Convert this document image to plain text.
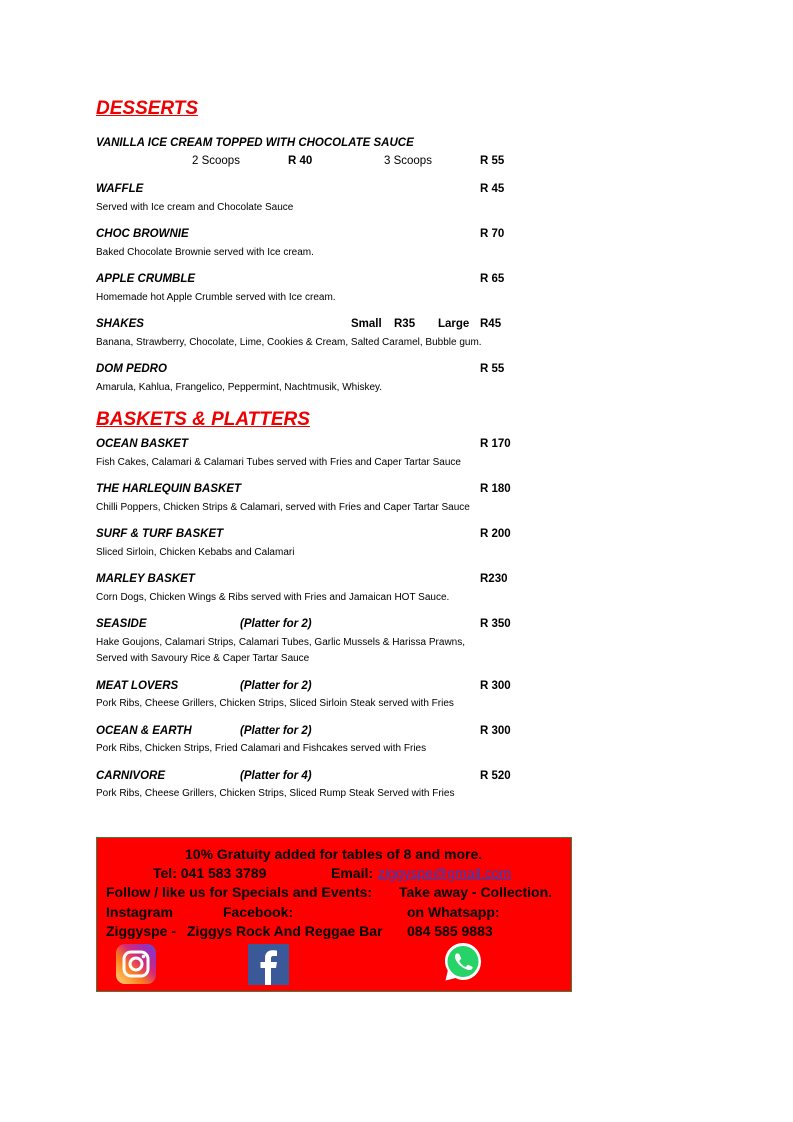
DESSERTS
VANILLA ICE CREAM TOPPED WITH CHOCOLATE SAUCE
2 Scoops	R 40	3 Scoops	R 55
WAFFLE	R 45
Served with Ice cream and Chocolate Sauce
CHOC BROWNIE	R 70
Baked Chocolate Brownie served with Ice cream.
APPLE CRUMBLE	R 65
Homemade hot Apple Crumble served with Ice cream.
SHAKES	Small R35 Large R45
Banana, Strawberry, Chocolate, Lime, Cookies & Cream, Salted Caramel, Bubble gum.
DOM PEDRO	R 55
Amarula, Kahlua, Frangelico, Peppermint, Nachtmusik, Whiskey.
BASKETS & PLATTERS
OCEAN BASKET	R 170
Fish Cakes, Calamari & Calamari Tubes served with Fries and Caper Tartar Sauce
THE HARLEQUIN BASKET	R 180
Chilli Poppers, Chicken Strips & Calamari, served with Fries and Caper Tartar Sauce
SURF & TURF BASKET	R 200
Sliced Sirloin, Chicken Kebabs and Calamari
MARLEY BASKET	R230
Corn Dogs, Chicken Wings & Ribs served with Fries and Jamaican HOT Sauce.
SEASIDE	(Platter for 2)	R 350
Hake Goujons, Calamari Strips, Calamari Tubes, Garlic Mussels & Harissa Prawns,
Served with Savoury Rice & Caper Tartar Sauce
MEAT LOVERS	(Platter for 2)	R 300
Pork Ribs, Cheese Grillers, Chicken Strips, Sliced Sirloin Steak served with Fries
OCEAN & EARTH	(Platter for 2)	R 300
Pork Ribs, Chicken Strips, Fried Calamari and Fishcakes served with Fries
CARNIVORE	(Platter for 4)	R 520
Pork Ribs, Cheese Grillers, Chicken Strips, Sliced Rump Steak Served with Fries
10% Gratuity added for tables of 8 and more.
Tel: 041 583 3789	Email: ziggyspe@gmail.com
Follow / like us for Specials and Events: Take away - Collection.
Instagram	Facebook:	on Whatsapp:
Ziggyspe - Ziggys Rock And Reggae Bar 084 585 9883
